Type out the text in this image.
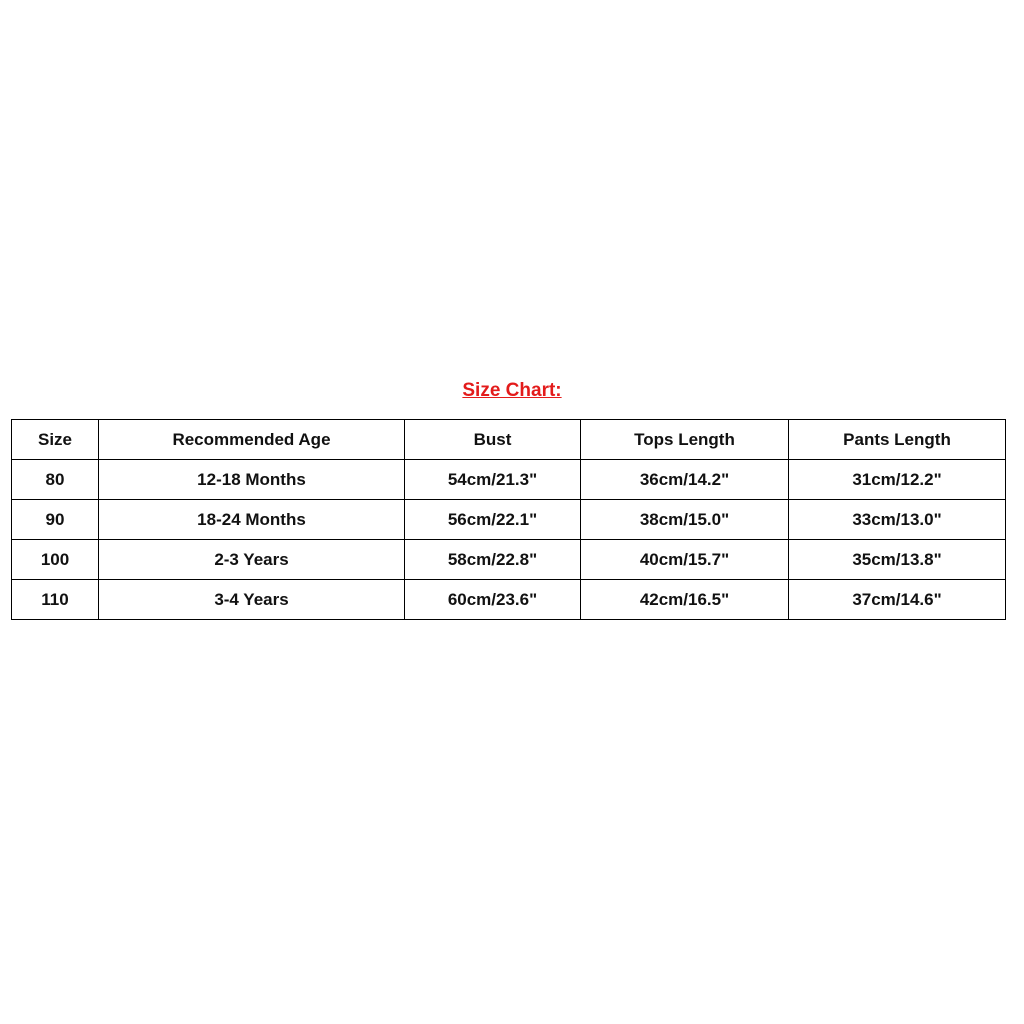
Size Chart:
Size	Recommended Age	Bust	Tops Length	Pants Length
80	12-18 Months	54cm/21.3"	36cm/14.2"	31cm/12.2"
90	18-24 Months	56cm/22.1"	38cm/15.0"	33cm/13.0"
100	2-3 Years	58cm/22.8"	40cm/15.7"	35cm/13.8"
110	3-4 Years	60cm/23.6"	42cm/16.5"	37cm/14.6"
